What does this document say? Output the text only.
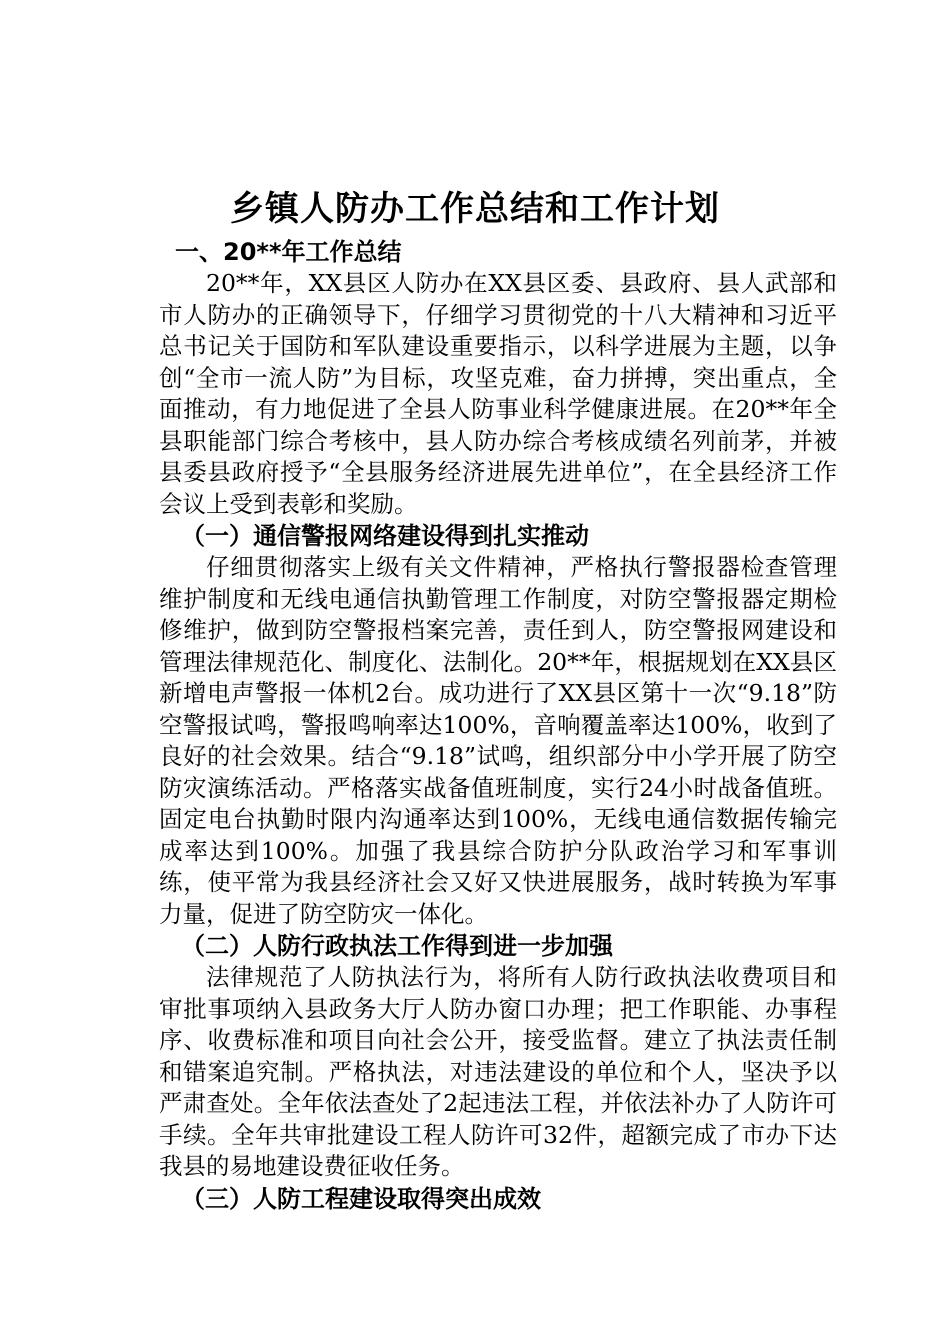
乡镇人防办工作总结和工作计划
一、20**年工作总结

20**年，XX县区人防办在XX县区委、县政府、县人武部和市人防办的正确领导下，仔细学习贯彻党的十八大精神和习近平总书记关于国防和军队建设重要指示，以科学进展为主题，以争创“全市一流人防”为目标，攻坚克难，奋力拼搏，突出重点，全面推动，有力地促进了全县人防事业科学健康进展。在20**年全县职能部门综合考核中，县人防办综合考核成绩名列前茅，并被县委县政府授予“全县服务经济进展先进单位”，在全县经济工作会议上受到表彰和奖励。

（一）通信警报网络建设得到扎实推动

仔细贯彻落实上级有关文件精神，严格执行警报器检查管理维护制度和无线电通信执勤管理工作制度，对防空警报器定期检修维护，做到防空警报档案完善，责任到人，防空警报网建设和管理法律规范化、制度化、法制化。20**年，根据规划在XX县区新增电声警报一体机2台。成功进行了XX县区第十一次“9.18”防空警报试鸣，警报鸣响率达100%，音响覆盖率达100%，收到了良好的社会效果。结合“9.18”试鸣，组织部分中小学开展了防空防灾演练活动。严格落实战备值班制度，实行24小时战备值班。固定电台执勤时限内沟通率达到100%，无线电通信数据传输完成率达到100%。加强了我县综合防护分队政治学习和军事训练，使平常为我县经济社会又好又快进展服务，战时转换为军事力量，促进了防空防灾一体化。

（二）人防行政执法工作得到进一步加强

法律规范了人防执法行为，将所有人防行政执法收费项目和审批事项纳入县政务大厅人防办窗口办理；把工作职能、办事程序、收费标准和项目向社会公开，接受监督。建立了执法责任制和错案追究制。严格执法，对违法建设的单位和个人，坚决予以严肃查处。全年依法查处了2起违法工程，并依法补办了人防许可手续。全年共审批建设工程人防许可32件，超额完成了市办下达我县的易地建设费征收任务。

（三）人防工程建设取得突出成效
